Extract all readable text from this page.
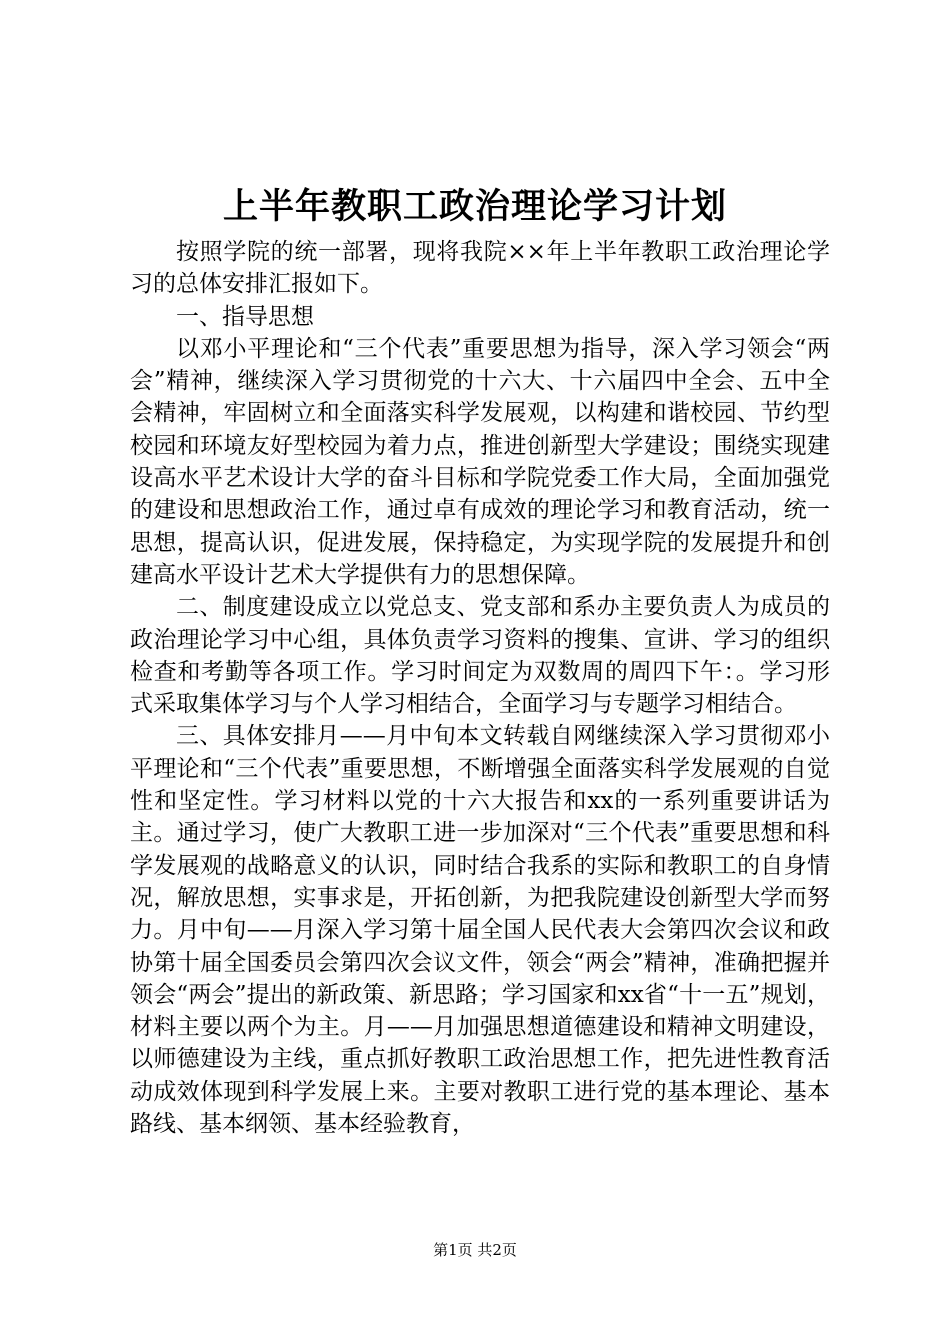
上半年教职工政治理论学习计划

按照学院的统一部署，现将我院××年上半年教职工政治理论学习的总体安排汇报如下。

一、指导思想

以邓小平理论和“三个代表”重要思想为指导，深入学习领会“两会”精神，继续深入学习贯彻党的十六大、十六届四中全会、五中全会精神，牢固树立和全面落实科学发展观，以构建和谐校园、节约型校园和环境友好型校园为着力点，推进创新型大学建设；围绕实现建设高水平艺术设计大学的奋斗目标和学院党委工作大局，全面加强党的建设和思想政治工作，通过卓有成效的理论学习和教育活动，统一思想，提高认识，促进发展，保持稳定，为实现学院的发展提升和创建高水平设计艺术大学提供有力的思想保障。

二、制度建设成立以党总支、党支部和系办主要负责人为成员的政治理论学习中心组，具体负责学习资料的搜集、宣讲、学习的组织检查和考勤等各项工作。学习时间定为双数周的周四下午：。学习形式采取集体学习与个人学习相结合，全面学习与专题学习相结合。

三、具体安排月——月中旬本文转载自网继续深入学习贯彻邓小平理论和“三个代表”重要思想，不断增强全面落实科学发展观的自觉性和坚定性。学习材料以党的十六大报告和xx的一系列重要讲话为主。通过学习，使广大教职工进一步加深对“三个代表”重要思想和科学发展观的战略意义的认识，同时结合我系的实际和教职工的自身情况，解放思想，实事求是，开拓创新，为把我院建设创新型大学而努力。月中旬——月深入学习第十届全国人民代表大会第四次会议和政协第十届全国委员会第四次会议文件，领会“两会”精神，准确把握并领会“两会”提出的新政策、新思路；学习国家和xx省“十一五”规划，材料主要以两个为主。月——月加强思想道德建设和精神文明建设，以师德建设为主线，重点抓好教职工政治思想工作，把先进性教育活动成效体现到科学发展上来。主要对教职工进行党的基本理论、基本路线、基本纲领、基本经验教育，

第1页 共2页
